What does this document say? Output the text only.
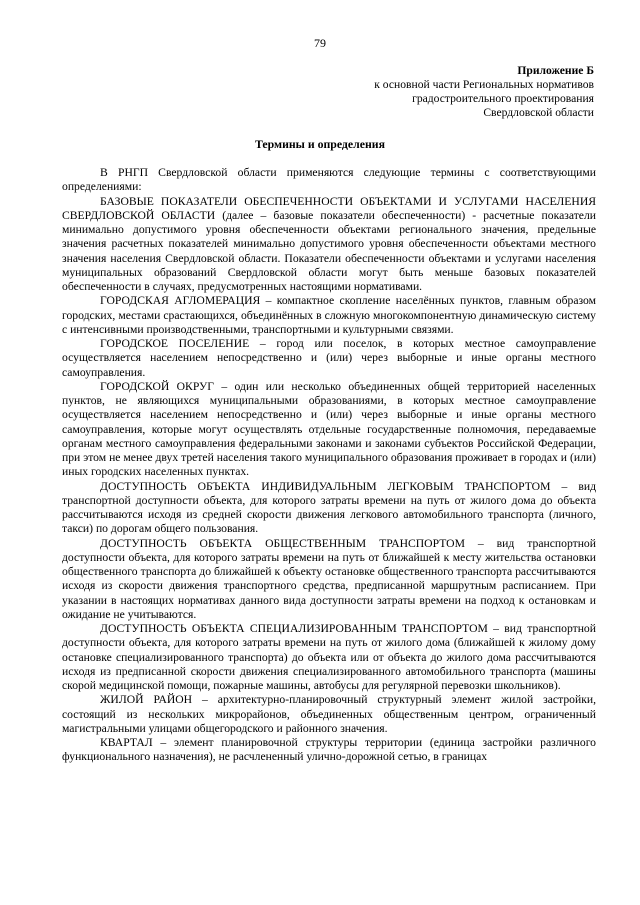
79
Приложение Б
к основной части Региональных нормативов
градостроительного проектирования
Свердловской области
Термины и определения

В РНГП Свердловской области применяются следующие термины с соответствующими определениями:

БАЗОВЫЕ ПОКАЗАТЕЛИ ОБЕСПЕЧЕННОСТИ ОБЪЕКТАМИ И УСЛУГАМИ НАСЕЛЕНИЯ СВЕРДЛОВСКОЙ ОБЛАСТИ (далее – базовые показатели обеспеченности) - расчетные показатели минимально допустимого уровня обеспеченности объектами регионального значения, предельные значения расчетных показателей минимально допустимого уровня обеспеченности объектами местного значения населения Свердловской области. Показатели обеспеченности объектами и услугами населения муниципальных образований Свердловской области могут быть меньше базовых показателей обеспеченности в случаях, предусмотренных настоящими нормативами.

ГОРОДСКАЯ АГЛОМЕРАЦИЯ – компактное скопление населённых пунктов, главным образом городских, местами срастающихся, объединённых в сложную многокомпонентную динамическую систему с интенсивными производственными, транспортными и культурными связями.

ГОРОДСКОЕ ПОСЕЛЕНИЕ – город или поселок, в которых местное самоуправление осуществляется населением непосредственно и (или) через выборные и иные органы местного самоуправления.

ГОРОДСКОЙ ОКРУГ – один или несколько объединенных общей территорией населенных пунктов, не являющихся муниципальными образованиями, в которых местное самоуправление осуществляется населением непосредственно и (или) через выборные и иные органы местного самоуправления, которые могут осуществлять отдельные государственные полномочия, передаваемые органам местного самоуправления федеральными законами и законами субъектов Российской Федерации, при этом не менее двух третей населения такого муниципального образования проживает в городах и (или) иных городских населенных пунктах.

ДОСТУПНОСТЬ ОБЪЕКТА ИНДИВИДУАЛЬНЫМ ЛЕГКОВЫМ ТРАНСПОРТОМ – вид транспортной доступности объекта, для которого затраты времени на путь от жилого дома до объекта рассчитываются исходя из средней скорости движения легкового автомобильного транспорта (личного, такси) по дорогам общего пользования.

ДОСТУПНОСТЬ ОБЪЕКТА ОБЩЕСТВЕННЫМ ТРАНСПОРТОМ – вид транспортной доступности объекта, для которого затраты времени на путь от ближайшей к месту жительства остановки общественного транспорта до ближайшей к объекту остановке общественного транспорта рассчитываются исходя из скорости движения транспортного средства, предписанной маршрутным расписанием. При указании в настоящих нормативах данного вида доступности затраты времени на подход к остановкам и ожидание не учитываются.

ДОСТУПНОСТЬ ОБЪЕКТА СПЕЦИАЛИЗИРОВАННЫМ ТРАНСПОРТОМ – вид транспортной доступности объекта, для которого затраты времени на путь от жилого дома (ближайшей к жилому дому остановке специализированного транспорта) до объекта или от объекта до жилого дома рассчитываются исходя из предписанной скорости движения специализированного автомобильного транспорта (машины скорой медицинской помощи, пожарные машины, автобусы для регулярной перевозки школьников).

ЖИЛОЙ РАЙОН – архитектурно-планировочный структурный элемент жилой застройки, состоящий из нескольких микрорайонов, объединенных общественным центром, ограниченный магистральными улицами общегородского и районного значения.

КВАРТАЛ – элемент планировочной структуры территории (единица застройки различного функционального назначения), не расчлененный улично-дорожной сетью, в границах
